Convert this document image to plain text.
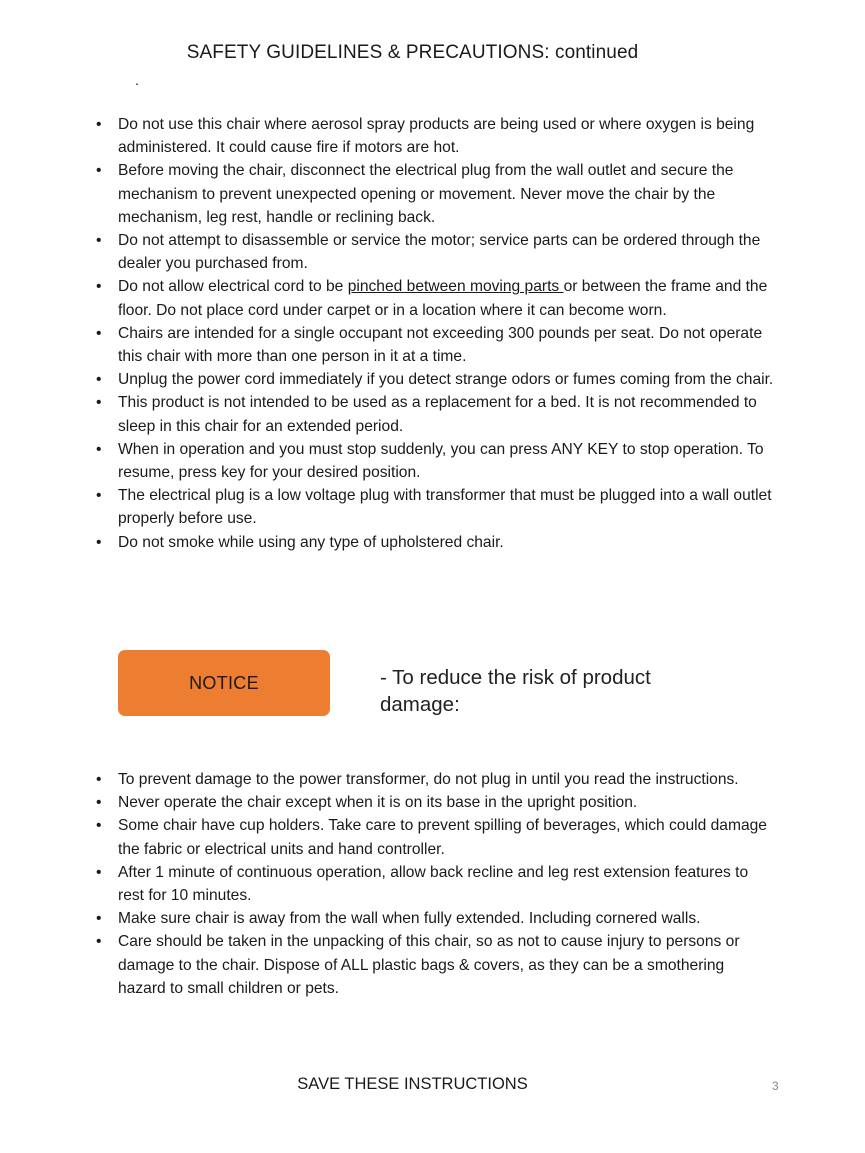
SAFETY GUIDELINES & PRECAUTIONS: continued
.
• Do not use this chair where aerosol spray products are being used or where oxygen is being administered. It could cause fire if motors are hot.
• Before moving the chair, disconnect the electrical plug from the wall outlet and secure the mechanism to prevent unexpected opening or movement. Never move the chair by the mechanism, leg rest, handle or reclining back.
• Do not attempt to disassemble or service the motor; service parts can be ordered through the dealer you purchased from.
• Do not allow electrical cord to be pinched between moving parts or between the frame and the floor. Do not place cord under carpet or in a location where it can become worn.
• Chairs are intended for a single occupant not exceeding 300 pounds per seat. Do not operate this chair with more than one person in it at a time.
• Unplug the power cord immediately if you detect strange odors or fumes coming from the chair.
• This product is not intended to be used as a replacement for a bed. It is not recommended to sleep in this chair for an extended period.
• When in operation and you must stop suddenly, you can press ANY KEY to stop operation. To resume, press key for your desired position.
• The electrical plug is a low voltage plug with transformer that must be plugged into a wall outlet properly before use.
• Do not smoke while using any type of upholstered chair.
NOTICE	- To reduce the risk of product damage:
• To prevent damage to the power transformer, do not plug in until you read the instructions.
• Never operate the chair except when it is on its base in the upright position.
• Some chair have cup holders. Take care to prevent spilling of beverages, which could damage the fabric or electrical units and hand controller.
• After 1 minute of continuous operation, allow back recline and leg rest extension features to rest for 10 minutes.
• Make sure chair is away from the wall when fully extended. Including cornered walls.
• Care should be taken in the unpacking of this chair, so as not to cause injury to persons or damage to the chair. Dispose of ALL plastic bags & covers, as they can be a smothering hazard to small children or pets.
SAVE THESE INSTRUCTIONS	3
